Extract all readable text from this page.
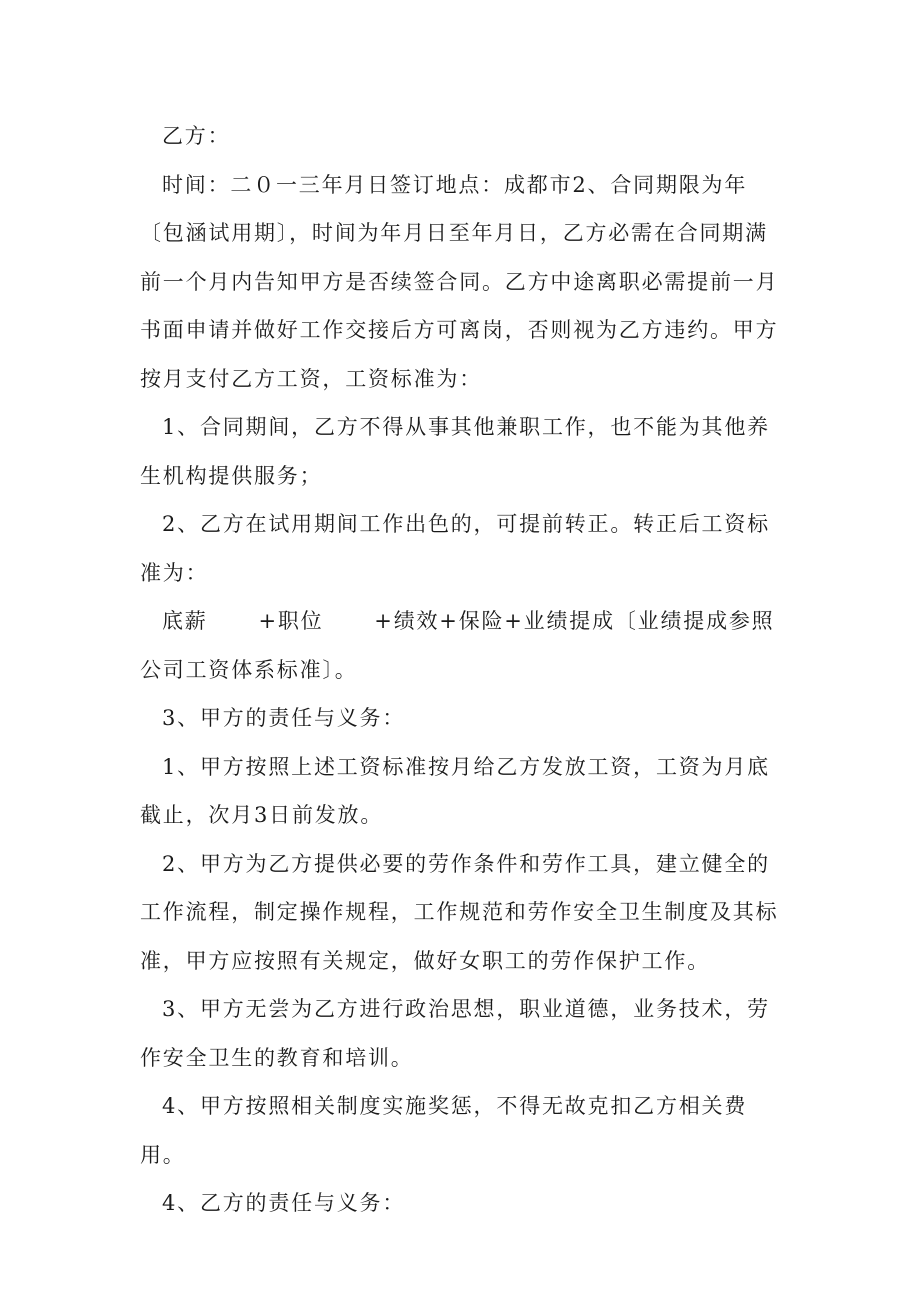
乙方：

时间：二０一三年月日签订地点：成都市2、合同期限为年〔包涵试用期〕，时间为年月日至年月日，乙方必需在合同期满前一个月内告知甲方是否续签合同。乙方中途离职必需提前一月书面申请并做好工作交接后方可离岗，否则视为乙方违约。甲方按月支付乙方工资，工资标准为：

1、合同期间，乙方不得从事其他兼职工作，也不能为其他养生机构提供服务；

2、乙方在试用期间工作出色的，可提前转正。转正后工资标准为：

底薪      +职位      +绩效+保险+业绩提成〔业绩提成参照公司工资体系标准〕。

3、甲方的责任与义务：

1、甲方按照上述工资标准按月给乙方发放工资，工资为月底截止，次月3日前发放。

2、甲方为乙方提供必要的劳作条件和劳作工具，建立健全的工作流程，制定操作规程，工作规范和劳作安全卫生制度及其标准，甲方应按照有关规定，做好女职工的劳作保护工作。

3、甲方无尝为乙方进行政治思想，职业道德，业务技术，劳作安全卫生的教育和培训。

4、甲方按照相关制度实施奖惩，不得无故克扣乙方相关费用。

4、乙方的责任与义务：
